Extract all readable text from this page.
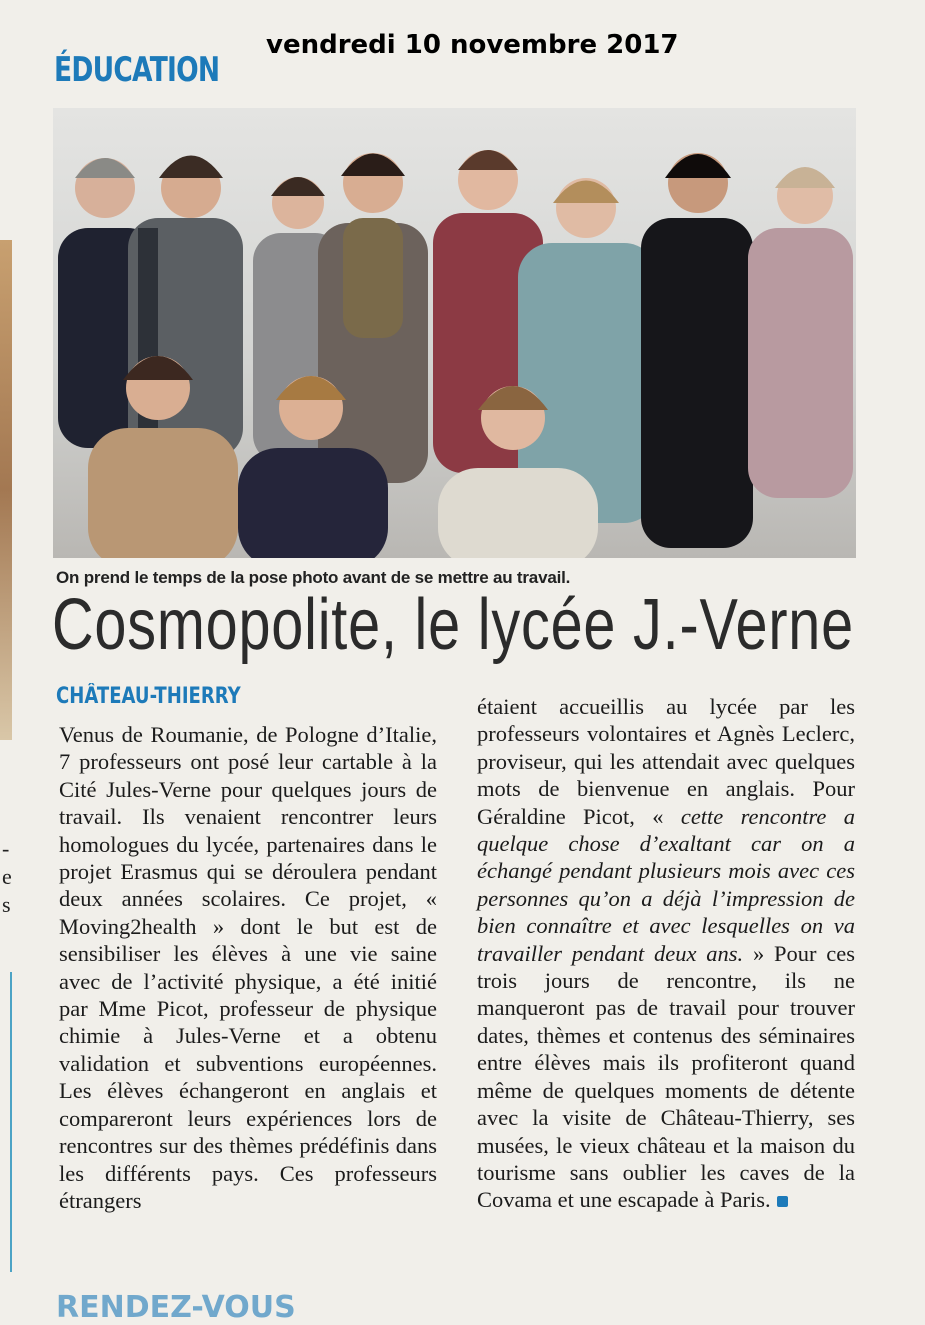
vendredi 10 novembre 2017
ÉDUCATION
-
e
s
On prend le temps de la pose photo avant de se mettre au travail.
Cosmopolite, le lycée J.-Verne
CHÂTEAU-THIERRY

Venus de Roumanie, de Pologne d’Italie, 7 professeurs ont posé leur cartable à la Cité Jules-Verne pour quelques jours de travail. Ils venaient rencontrer leurs homologues du lycée, partenaires dans le projet Erasmus qui se déroulera pendant deux années scolaires. Ce projet, « Moving2health » dont le but est de sensibiliser les élèves à une vie saine avec de l’activité physique, a été initié par Mme Picot, professeur de physique chimie à Jules-Verne et a obtenu validation et subventions européennes. Les élèves échangeront en anglais et compareront leurs expériences lors de rencontres sur des thèmes prédéfinis dans les différents pays. Ces professeurs étrangers

étaient accueillis au lycée par les professeurs volontaires et Agnès Leclerc, proviseur, qui les attendait avec quelques mots de bienvenue en anglais. Pour Géraldine Picot, « cette rencontre a quelque chose d’exaltant car on a échangé pendant plusieurs mois avec ces personnes qu’on a déjà l’impression de bien connaître et avec lesquelles on va travailler pendant deux ans. » Pour ces trois jours de rencontre, ils ne manqueront pas de travail pour trouver dates, thèmes et contenus des séminaires entre élèves mais ils profiteront quand même de quelques moments de détente avec la visite de Château-Thierry, ses musées, le vieux château et la maison du tourisme sans oublier les caves de la Covama et une escapade à Paris.

RENDEZ-VOUS
